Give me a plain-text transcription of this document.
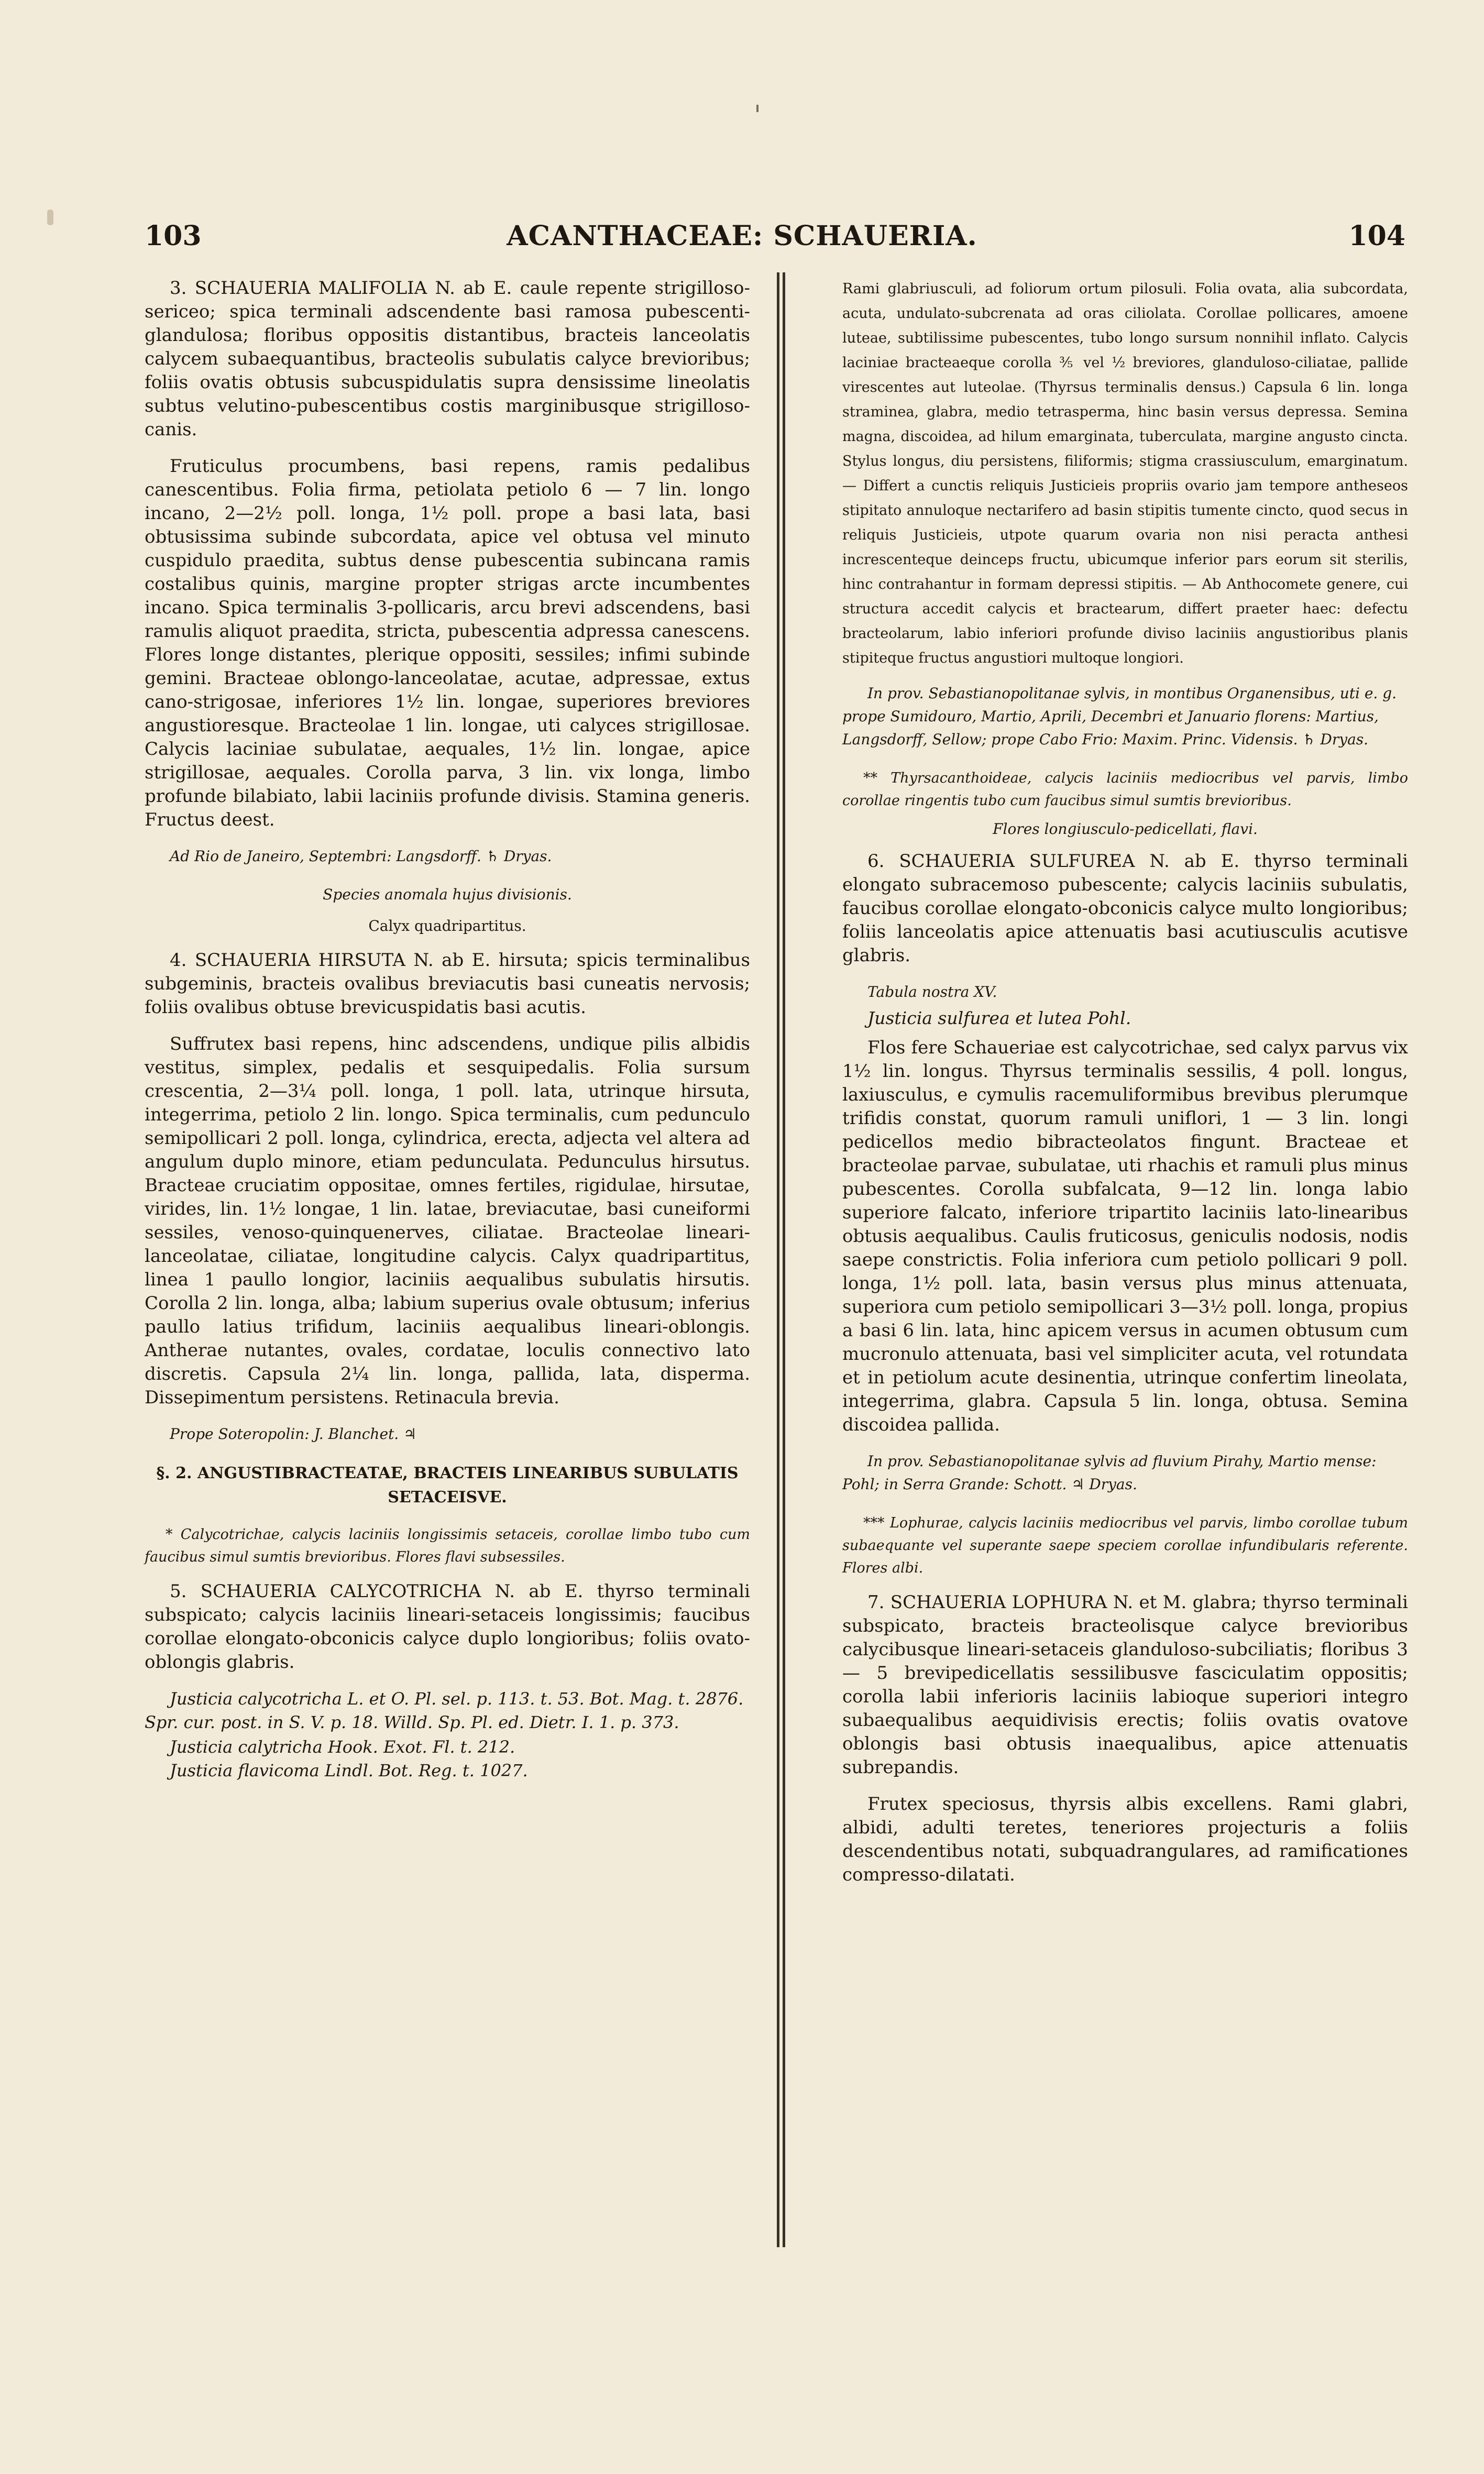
103	ACANTHACEAE: SCHAUERIA.	104

3. SCHAUERIA MALIFOLIA N. ab E. caule repente strigilloso-sericeo; spica terminali adscendente basi ramosa pubescenti-glandulosa; floribus oppositis distantibus, bracteis lanceolatis calycem subaequantibus, bracteolis subulatis calyce brevioribus; foliis ovatis obtusis subcuspidulatis supra densissime lineolatis subtus velutino-pubescentibus costis marginibusque strigilloso-canis.

Fruticulus procumbens, basi repens, ramis pedalibus canescentibus. Folia firma, petiolata petiolo 6 — 7 lin. longo incano, 2—2½ poll. longa, 1½ poll. prope a basi lata, basi obtusissima subinde subcordata, apice vel obtusa vel minuto cuspidulo praedita, subtus dense pubescentia subincana ramis costalibus quinis, margine propter strigas arcte incumbentes incano. Spica terminalis 3-pollicaris, arcu brevi adscendens, basi ramulis aliquot praedita, stricta, pubescentia adpressa canescens. Flores longe distantes, plerique oppositi, sessiles; infimi subinde gemini. Bracteae oblongo-lanceolatae, acutae, adpressae, extus cano-strigosae, inferiores 1½ lin. longae, superiores breviores angustioresque. Bracteolae 1 lin. longae, uti calyces strigillosae. Calycis laciniae subulatae, aequales, 1½ lin. longae, apice strigillosae, aequales. Corolla parva, 3 lin. vix longa, limbo profunde bilabiato, labii laciniis profunde divisis. Stamina generis. Fructus deest.

Ad Rio de Janeiro, Septembri: Langsdorff. ♄ Dryas.

Species anomala hujus divisionis.

Calyx quadripartitus.

4. SCHAUERIA HIRSUTA N. ab E. hirsuta; spicis terminalibus subgeminis, bracteis ovalibus breviacutis basi cuneatis nervosis; foliis ovalibus obtuse brevicuspidatis basi acutis.

Suffrutex basi repens, hinc adscendens, undique pilis albidis vestitus, simplex, pedalis et sesquipedalis. Folia sursum crescentia, 2—3¼ poll. longa, 1 poll. lata, utrinque hirsuta, integerrima, petiolo 2 lin. longo. Spica terminalis, cum pedunculo semipollicari 2 poll. longa, cylindrica, erecta, adjecta vel altera ad angulum duplo minore, etiam pedunculata. Pedunculus hirsutus. Bracteae cruciatim oppositae, omnes fertiles, rigidulae, hirsutae, virides, lin. 1½ longae, 1 lin. latae, breviacutae, basi cuneiformi sessiles, venoso-quinquenerves, ciliatae. Bracteolae lineari-lanceolatae, ciliatae, longitudine calycis. Calyx quadripartitus, linea 1 paullo longior, laciniis aequalibus subulatis hirsutis. Corolla 2 lin. longa, alba; labium superius ovale obtusum; inferius paullo latius trifidum, laciniis aequalibus lineari-oblongis. Antherae nutantes, ovales, cordatae, loculis connectivo lato discretis. Capsula 2¼ lin. longa, pallida, lata, dispermа. Dissepimentum persistens. Retinacula brevia.

Prope Soteropolin: J. Blanchet. ♃

§. 2. ANGUSTIBRACTEATAE, BRACTEIS LINEARIBUS SUBULATIS SETACEISVE.

* Calycotrichae, calycis laciniis longissimis setaceis, corollae limbo tubo cum faucibus simul sumtis brevioribus. Flores flavi subsessiles.

5. SCHAUERIA CALYCOTRICHA N. ab E. thyrso terminali subspicato; calycis laciniis lineari-setaceis longissimis; faucibus corollae elongato-obconicis calyce duplo longioribus; foliis ovato-oblongis glabris.

Justicia calycotricha L. et O. Pl. sel. p. 113. t. 53. Bot. Mag. t. 2876. Spr. cur. post. in S. V. p. 18. Willd. Sp. Pl. ed. Dietr. I. 1. p. 373.

Justicia calytricha Hook. Exot. Fl. t. 212.

Justicia flavicoma Lindl. Bot. Reg. t. 1027.

Rami glabriusculi, ad foliorum ortum pilosuli. Folia ovata, alia subcordata, acuta, undulato-subcrenata ad oras ciliolata. Corollae pollicares, amoene luteae, subtilissime pubescentes, tubo longo sursum nonnihil inflato. Calycis laciniae bracteaeque corolla ⅗ vel ½ breviores, glanduloso-ciliatae, pallide virescentes aut luteolae. (Thyrsus terminalis densus.) Capsula 6 lin. longa straminea, glabra, medio tetrasperma, hinc basin versus depressa. Semina magna, discoidea, ad hilum emarginata, tuberculata, margine angusto cincta. Stylus longus, diu persistens, filiformis; stigma crassiusculum, emarginatum. — Differt a cunctis reliquis Justicieis propriis ovario jam tempore antheseos stipitato annuloque nectarifero ad basin stipitis tumente cincto, quod secus in reliquis Justicieis, utpote quarum ovaria non nisi peracta anthesi increscenteque deinceps fructu, ubicumque inferior pars eorum sit sterilis, hinc contrahantur in formam depressi stipitis. — Ab Anthocomete genere, cui structura accedit calycis et bractearum, differt praeter haec: defectu bracteolarum, labio inferiori profunde diviso laciniis angustioribus planis stipiteque fructus angustiori multoque longiori.

In prov. Sebastianopolitanae sylvis, in montibus Organensibus, uti e. g. prope Sumidouro, Martio, Aprili, Decembri et Januario florens: Martius, Langsdorff, Sellow; prope Cabo Frio: Maxim. Princ. Vidensis. ♄ Dryas.

** Thyrsacanthoideae, calycis laciniis mediocribus vel parvis, limbo corollae ringentis tubo cum faucibus simul sumtis brevioribus.

Flores longiusculo-pedicellati, flavi.

6. SCHAUERIA SULFUREA N. ab E. thyrso terminali elongato subracemoso pubescente; calycis laciniis subulatis, faucibus corollae elongato-obconicis calyce multo longioribus; foliis lanceolatis apice attenuatis basi acutiusculis acutisve glabris.

Tabula nostra XV.

Justicia sulfurea et lutea Pohl.

Flos fere Schaueriae est calycotrichae, sed calyx parvus vix 1½ lin. longus. Thyrsus terminalis sessilis, 4 poll. longus, laxiusculus, e cymulis racemuliformibus brevibus plerumque trifidis constat, quorum ramuli uniflori, 1 — 3 lin. longi pedicellos medio bibracteolatos fingunt. Bracteae et bracteolae parvae, subulatae, uti rhachis et ramuli plus minus pubescentes. Corolla subfalcata, 9—12 lin. longa labio superiore falcato, inferiore tripartito laciniis lato-linearibus obtusis aequalibus. Caulis fruticosus, geniculis nodosis, nodis saepe constrictis. Folia inferiora cum petiolo pollicari 9 poll. longa, 1½ poll. lata, basin versus plus minus attenuata, superiora cum petiolo semipollicari 3—3½ poll. longa, propius a basi 6 lin. lata, hinc apicem versus in acumen obtusum cum mucronulo attenuata, basi vel simpliciter acuta, vel rotundata et in petiolum acute desinentia, utrinque confertim lineolata, integerrima, glabra. Capsula 5 lin. longa, obtusa. Semina discoidea pallida.

In prov. Sebastianopolitanae sylvis ad fluvium Pirahy, Martio mense: Pohl; in Serra Grande: Schott. ♃ Dryas.

*** Lophurae, calycis laciniis mediocribus vel parvis, limbo corollae tubum subaequante vel superante saepe speciem corollae infundibularis referente. Flores albi.

7. SCHAUERIA LOPHURA N. et M. glabra; thyrso terminali subspicato, bracteis bracteolisque calyce brevioribus calycibusque lineari-setaceis glanduloso-subciliatis; floribus 3 — 5 brevipedicellatis sessilibusve fasciculatim oppositis; corolla labii inferioris laciniis labioque superiori integro subaequalibus aequidivisis erectis; foliis ovatis ovatove oblongis basi obtusis inaequalibus, apice attenuatis subrepandis.

Frutex speciosus, thyrsis albis excellens. Rami glabri, albidi, adulti teretes, teneriores projecturis a foliis descendentibus notati, subquadrangulares, ad ramificationes compresso-dilatati.
